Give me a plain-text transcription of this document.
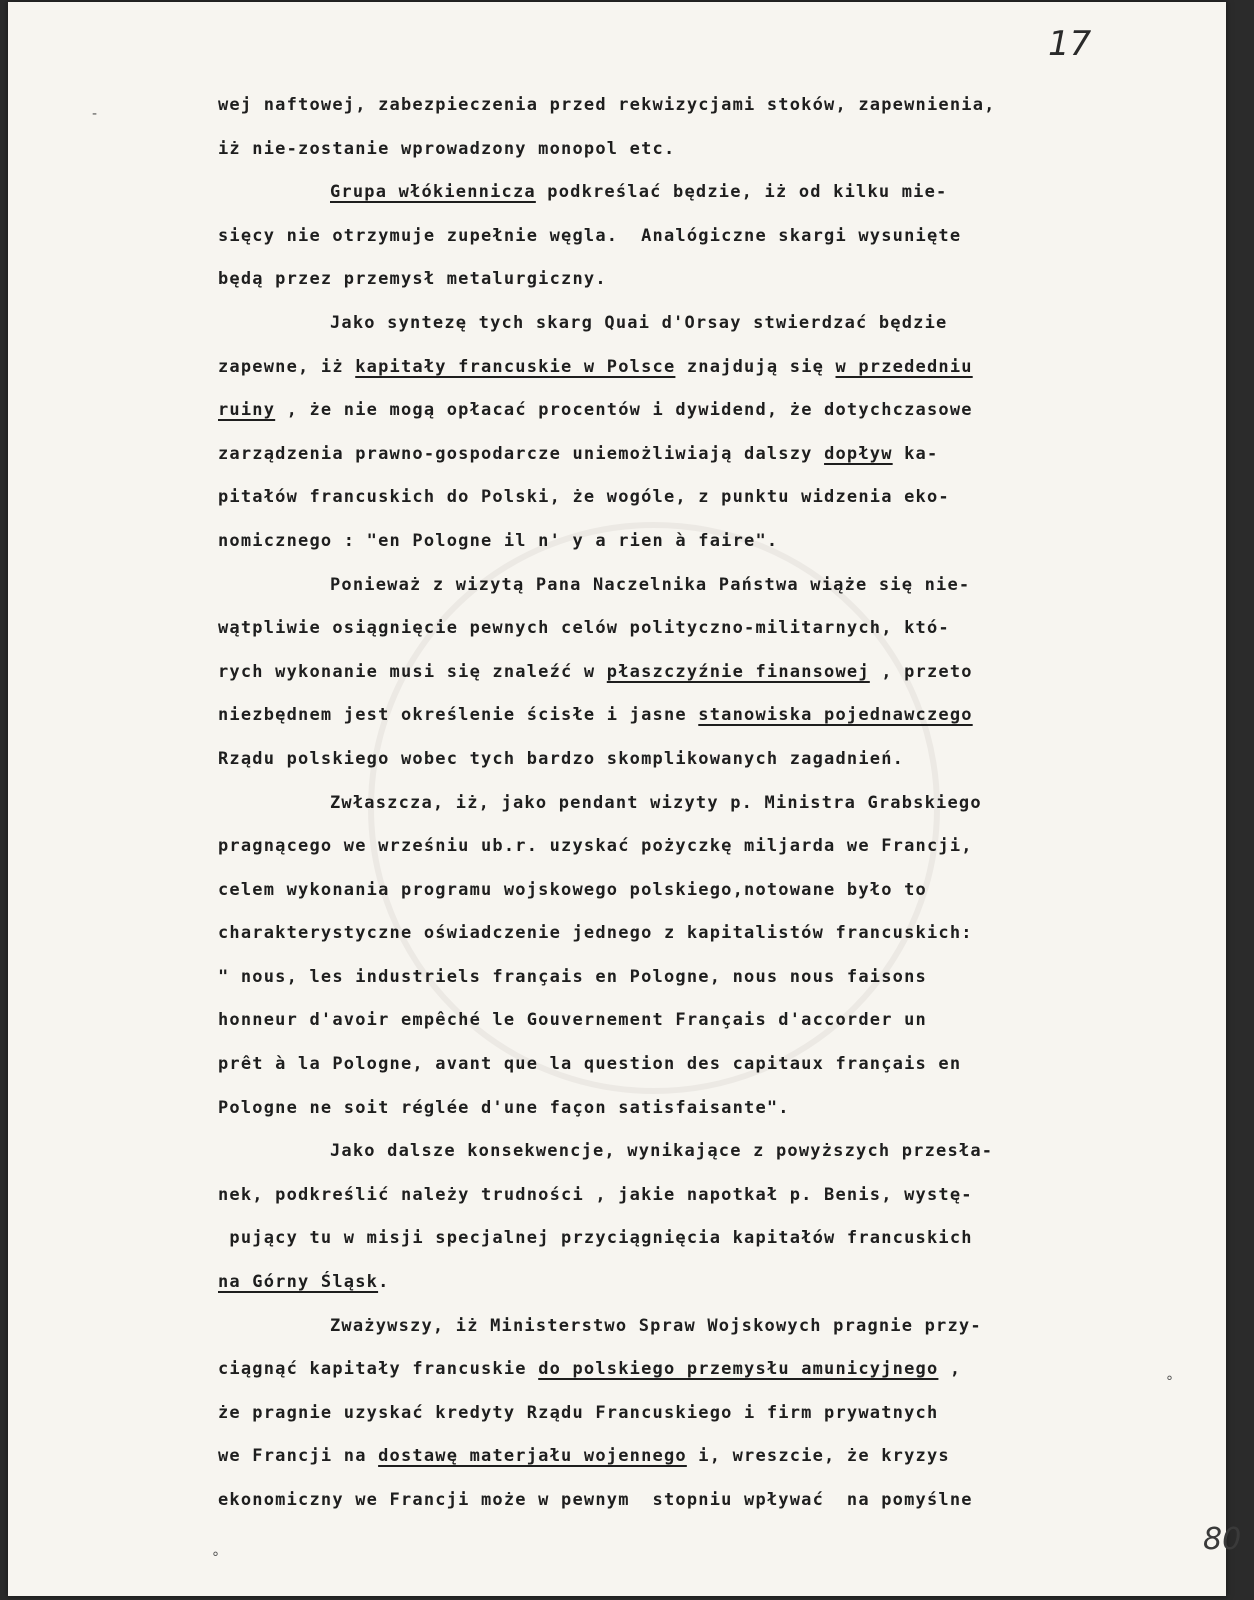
17
wej naftowej, zabezpieczenia przed rekwizycjami stoków, zapewnienia,
iż nie-zostanie wprowadzony monopol etc.
Grupa włókiennicza podkreślać będzie, iż od kilku mie-
sięcy nie otrzymuje zupełnie węgla.  Analógiczne skargi wysunięte
będą przez przemysł metalurgiczny.
Jako syntezę tych skarg Quai d'Orsay stwierdzać będzie
zapewne, iż kapitały francuskie w Polsce znajdują się w przededniu
ruiny , że nie mogą opłacać procentów i dywidend, że dotychczasowe
zarządzenia prawno-gospodarcze uniemożliwiają dalszy dopływ ka-
pitałów francuskich do Polski, że wogóle, z punktu widzenia eko-
nomicznego : "en Pologne il n' y a rien à faire".
Ponieważ z wizytą Pana Naczelnika Państwa wiąże się nie-
wątpliwie osiągnięcie pewnych celów polityczno-militarnych, któ-
rych wykonanie musi się znaleźć w płaszczyźnie finansowej , przeto
niezbędnem jest określenie ścisłe i jasne stanowiska pojednawczego
Rządu polskiego wobec tych bardzo skomplikowanych zagadnień.
Zwłaszcza, iż, jako pendant wizyty p. Ministra Grabskiego
pragnącego we wrześniu ub.r. uzyskać pożyczkę miljarda we Francji,
celem wykonania programu wojskowego polskiego,notowane było to
charakterystyczne oświadczenie jednego z kapitalistów francuskich:
" nous, les industriels français en Pologne, nous nous faisons
honneur d'avoir empêché le Gouvernement Français d'accorder un
prêt à la Pologne, avant que la question des capitaux français en
Pologne ne soit réglée d'une façon satisfaisante".
Jako dalsze konsekwencje, wynikające z powyższych przesła-
nek, podkreślić należy trudności , jakie napotkał p. Benis, wystę-
pujący tu w misji specjalnej przyciągnięcia kapitałów francuskich
na Górny Śląsk.
Zważywszy, iż Ministerstwo Spraw Wojskowych pragnie przy-
ciągnąć kapitały francuskie do polskiego przemysłu amunicyjnego ,
że pragnie uzyskać kredyty Rządu Francuskiego i firm prywatnych
we Francji na dostawę materjału wojennego i, wreszcie, że kryzys
ekonomiczny we Francji może w pewnym  stopniu wpływać  na pomyślne
-
°
°
80
